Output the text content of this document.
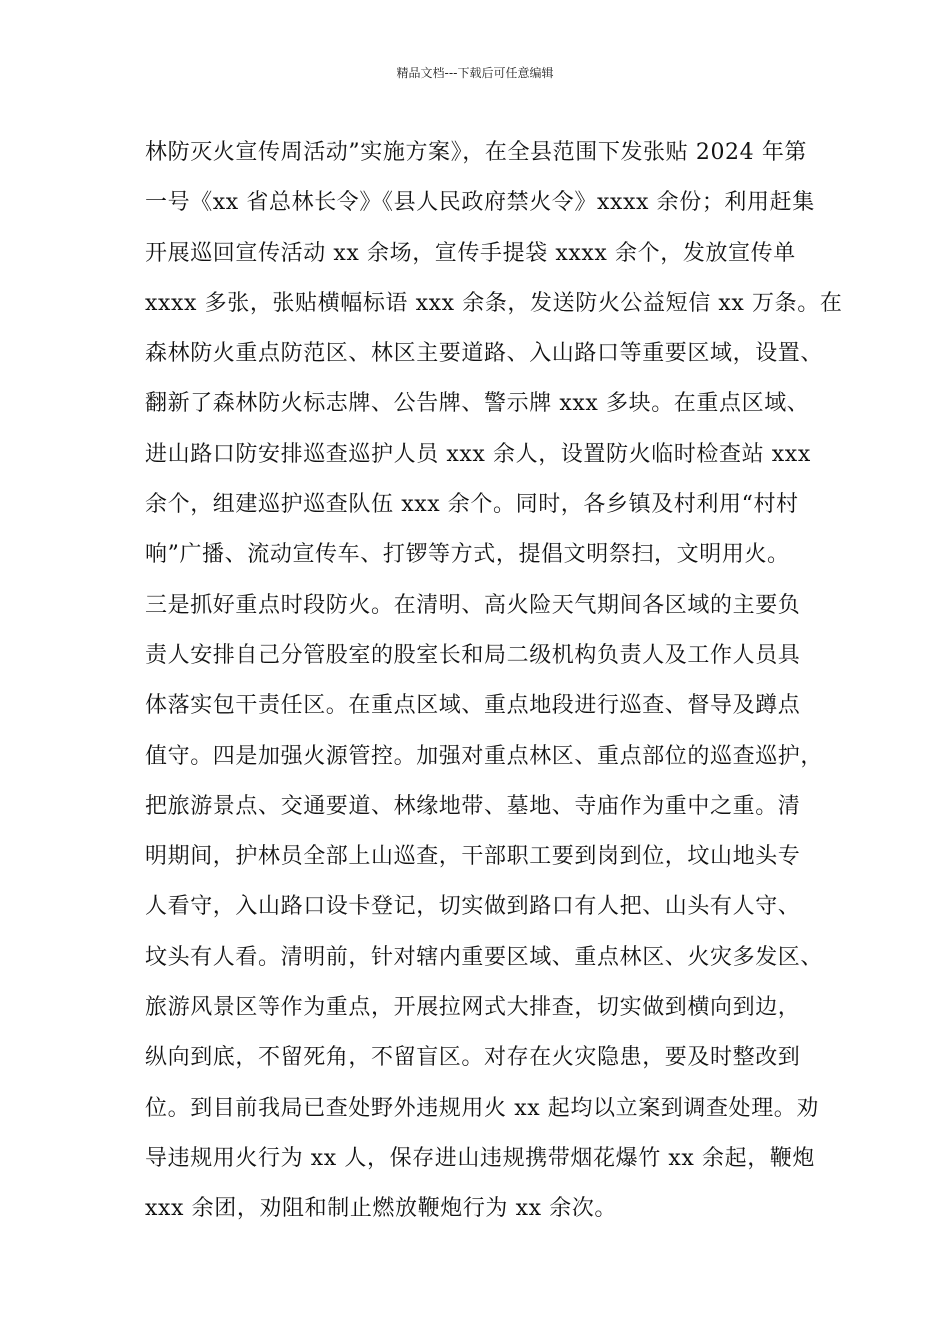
精品文档---下载后可任意编辑
林防灭火宣传周活动”实施方案》，在全县范围下发张贴 2024 年第
一号《xx 省总林长令》《县人民政府禁火令》xxxx 余份；利用赶集
开展巡回宣传活动 xx 余场，宣传手提袋 xxxx 余个，发放宣传单
xxxx 多张，张贴横幅标语 xxx 余条，发送防火公益短信 xx 万条。在
森林防火重点防范区、林区主要道路、入山路口等重要区域，设置、
翻新了森林防火标志牌、公告牌、警示牌 xxx 多块。在重点区域、
进山路口防安排巡查巡护人员 xxx 余人，设置防火临时检查站 xxx
余个，组建巡护巡查队伍 xxx 余个。同时，各乡镇及村利用“村村
响”广播、流动宣传车、打锣等方式，提倡文明祭扫，文明用火。
三是抓好重点时段防火。在清明、高火险天气期间各区域的主要负
责人安排自己分管股室的股室长和局二级机构负责人及工作人员具
体落实包干责任区。在重点区域、重点地段进行巡查、督导及蹲点
值守。四是加强火源管控。加强对重点林区、重点部位的巡查巡护，
把旅游景点、交通要道、林缘地带、墓地、寺庙作为重中之重。清
明期间，护林员全部上山巡查，干部职工要到岗到位，坟山地头专
人看守，入山路口设卡登记，切实做到路口有人把、山头有人守、
坟头有人看。清明前，针对辖内重要区域、重点林区、火灾多发区、
旅游风景区等作为重点，开展拉网式大排查，切实做到横向到边，
纵向到底，不留死角，不留盲区。对存在火灾隐患，要及时整改到
位。到目前我局已查处野外违规用火 xx 起均以立案到调查处理。劝
导违规用火行为 xx 人，保存进山违规携带烟花爆竹 xx 余起，鞭炮
xxx 余团，劝阻和制止燃放鞭炮行为 xx 余次。
